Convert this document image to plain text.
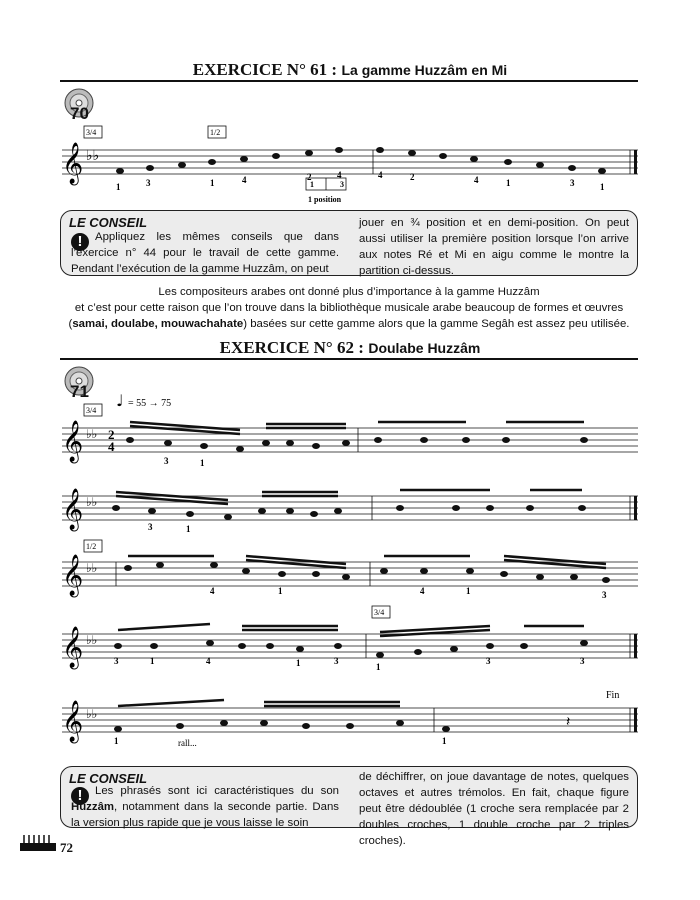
EXERCICE N° 61 : La gamme Huzzâm en Mi
70
𝄞 ♭♭
1	3	1	4	2	4	4	2	4	1	3	1
3/4	1/2
1	3
1 position
LE CONSEIL
!	Appliquez les mêmes conseils que dans l’exercice n° 44 pour le travail de cette gamme. Pendant l’exécution de la gamme Huzzâm, on peut
jouer en ¾ position et en demi-position. On peut aussi utiliser la première position lorsque l’on arrive aux notes Ré et Mi en aigu comme le montre la partition ci-dessus.
Les compositeurs arabes ont donné plus d’importance à la gamme Huzzâm
et c’est pour cette raison que l’on trouve dans la bibliothèque musicale arabe beaucoup de formes et œuvres
(samai, doulabe, mouwachahate) basées sur cette gamme alors que la gamme Segâh est assez peu utilisée.
EXERCICE N° 62 : Doulabe Huzzâm
71 ♩ = 55 → 75
3/4
𝄞 ♭♭ 2
4
3	1
𝄞 ♭♭
3	1
1/2
𝄞 ♭♭
4	1	4	1	3
3/4
𝄞 ♭♭
3	1	4	1	3
1
3	3
Fin
𝄞 ♭♭	𝄽
1	1
rall...
LE CONSEIL
!	Les phrasés sont ici caractéristiques du son Huzzâm, notamment dans la seconde partie. Dans la version plus rapide que je vous laisse le soin
de déchiffrer, on joue davantage de notes, quelques octaves et autres trémolos. En fait, chaque figure peut être dédoublée (1 croche sera remplacée par 2 doubles croches, 1 double croche par 2 triples croches).
72
